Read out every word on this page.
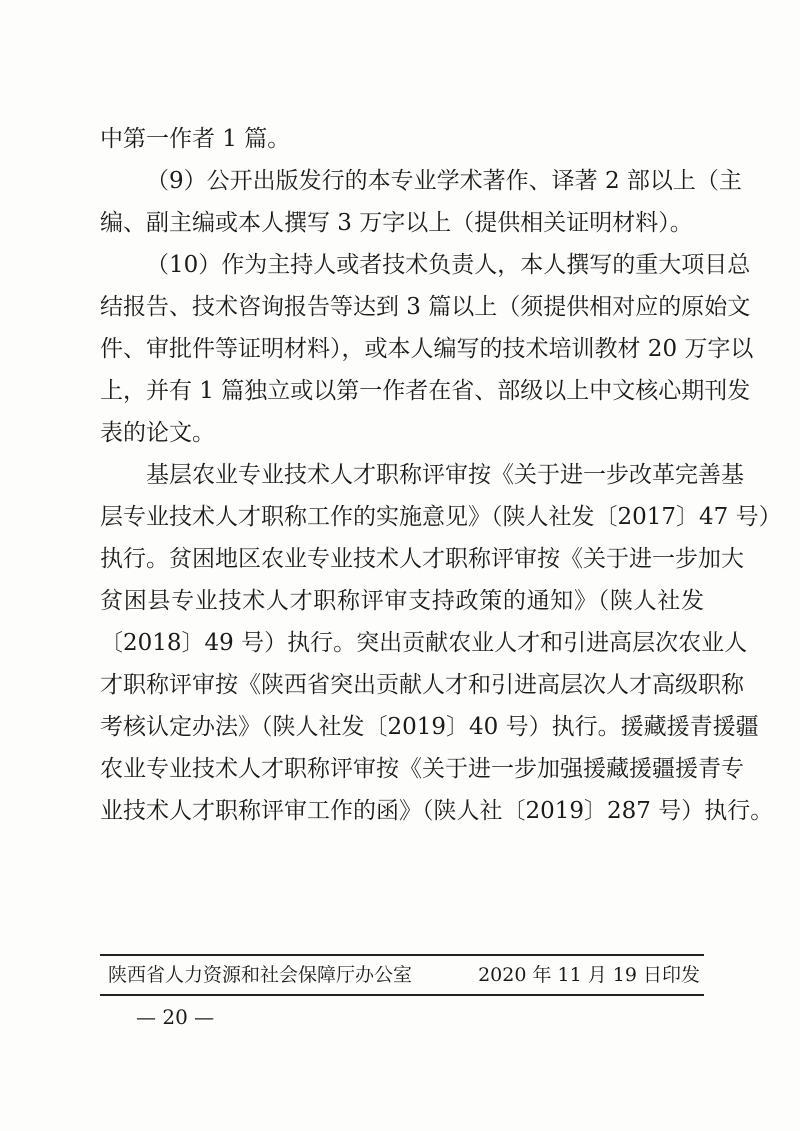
中第一作者 1 篇。
（9）公开出版发行的本专业学术著作、译著 2 部以上（主
编、副主编或本人撰写 3 万字以上（提供相关证明材料）。
（10）作为主持人或者技术负责人，本人撰写的重大项目总
结报告、技术咨询报告等达到 3 篇以上（须提供相对应的原始文
件、审批件等证明材料），或本人编写的技术培训教材 20 万字以
上，并有 1 篇独立或以第一作者在省、部级以上中文核心期刊发
表的论文。
基层农业专业技术人才职称评审按《关于进一步改革完善基
层专业技术人才职称工作的实施意见》（陕人社发〔2017〕47 号）
执行。贫困地区农业专业技术人才职称评审按《关于进一步加大
贫困县专业技术人才职称评审支持政策的通知》（陕人社发
〔2018〕49 号）执行。突出贡献农业人才和引进高层次农业人
才职称评审按《陕西省突出贡献人才和引进高层次人才高级职称
考核认定办法》（陕人社发〔2019〕40 号）执行。援藏援青援疆
农业专业技术人才职称评审按《关于进一步加强援藏援疆援青专
业技术人才职称评审工作的函》（陕人社〔2019〕287 号）执行。
陕西省人力资源和社会保障厅办公室	2020 年 11 月 19 日印发
— 20 —
